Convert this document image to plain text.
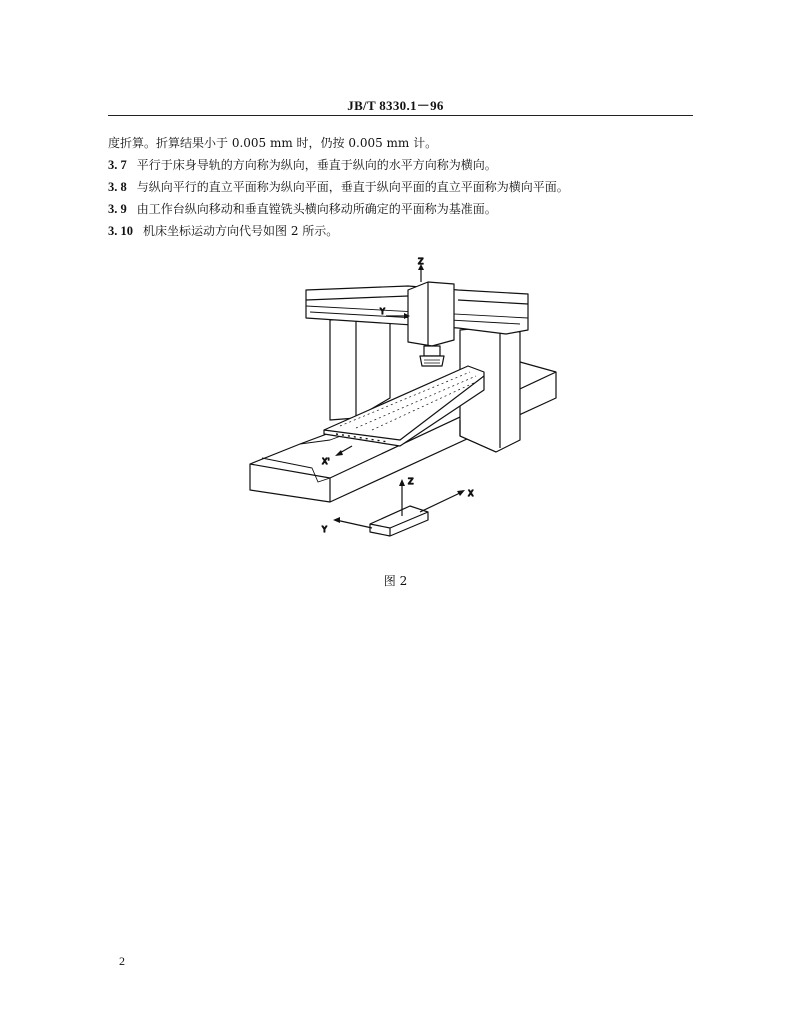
JB/T 8330.1－96
度折算。折算结果小于 0.005 mm 时，仍按 0.005 mm 计。
3. 7 平行于床身导轨的方向称为纵向，垂直于纵向的水平方向称为横向。
3. 8 与纵向平行的直立平面称为纵向平面，垂直于纵向平面的直立平面称为横向平面。
3. 9 由工作台纵向移动和垂直镗铣头横向移动所确定的平面称为基准面。
3. 10 机床坐标运动方向代号如图 2 所示。
Z
Y
X'
Z
X
Y
图 2
2
